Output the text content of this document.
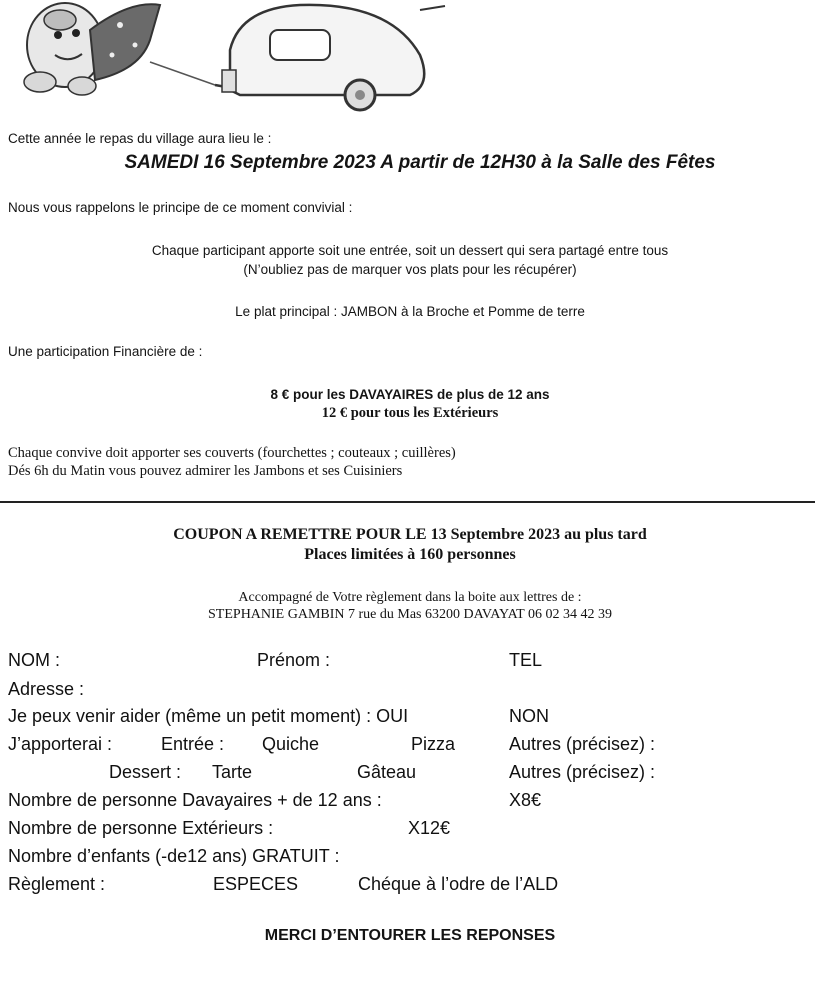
Cette année le repas du village aura lieu le :
SAMEDI 16 Septembre 2023 A partir de 12H30 à la Salle des Fêtes
Nous vous rappelons le principe de ce moment convivial :
Chaque participant apporte soit une entrée, soit un dessert qui sera partagé entre tous
(N’oubliez pas de marquer vos plats pour les récupérer)
Le plat principal : JAMBON à la Broche et Pomme de terre
Une participation Financière de :
8 € pour les DAVAYAIRES de plus de 12 ans
12 € pour tous les Extérieurs
Chaque convive doit apporter ses couverts (fourchettes ; couteaux ; cuillères)
Dés 6h du Matin vous pouvez admirer les Jambons et ses Cuisiniers
COUPON A REMETTRE POUR LE 13 Septembre 2023 au plus tard
Places limitées à 160 personnes
Accompagné de Votre règlement dans la boite aux lettres de :
STEPHANIE GAMBIN 7 rue du Mas 63200 DAVAYAT 06 02 34 42 39
NOM :	Prénom :	TEL
Adresse :
Je peux venir aider (même un petit moment) : OUI	NON
J’apporterai :	Entrée : Quiche	Pizza	Autres (précisez) :
Dessert : Tarte	Gâteau	Autres (précisez) :
Nombre de personne Davayaires + de 12 ans :	X8€
Nombre de personne Extérieurs :	X12€
Nombre d’enfants (-de12 ans) GRATUIT :
Règlement :	ESPECES	Chéque à l’odre de l’ALD
MERCI D’ENTOURER LES REPONSES
